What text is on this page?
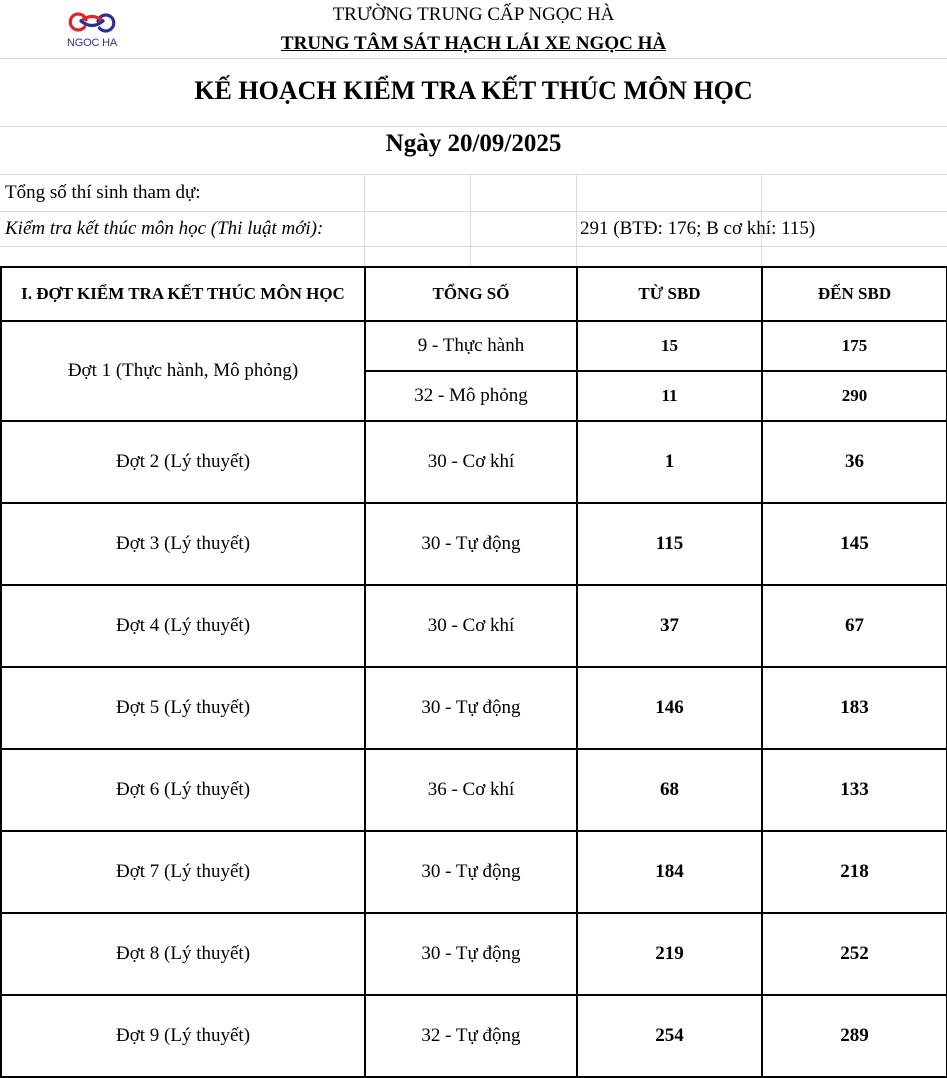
NGOC HA
TRƯỜNG TRUNG CẤP NGỌC HÀ
TRUNG TÂM SÁT HẠCH LÁI XE NGỌC HÀ
KẾ HOẠCH KIỂM TRA KẾT THÚC MÔN HỌC
Ngày 20/09/2025
Tổng số thí sinh tham dự:
Kiểm tra kết thúc môn học (Thi luật mới):	291 (BTĐ: 176; B cơ khí: 115)
I. ĐỢT KIỂM TRA KẾT THÚC MÔN HỌC	TỔNG SỐ	TỪ SBD	ĐẾN SBD
Đợt 1 (Thực hành, Mô phỏng)	9 - Thực hành	15	175
	32 - Mô phỏng	11	290
Đợt 2 (Lý thuyết)	30 - Cơ khí	1	36
Đợt 3 (Lý thuyết)	30 - Tự động	115	145
Đợt 4 (Lý thuyết)	30 - Cơ khí	37	67
Đợt 5 (Lý thuyết)	30 - Tự động	146	183
Đợt 6 (Lý thuyết)	36 - Cơ khí	68	133
Đợt 7 (Lý thuyết)	30 - Tự động	184	218
Đợt 8 (Lý thuyết)	30 - Tự động	219	252
Đợt 9 (Lý thuyết)	32 - Tự động	254	289
